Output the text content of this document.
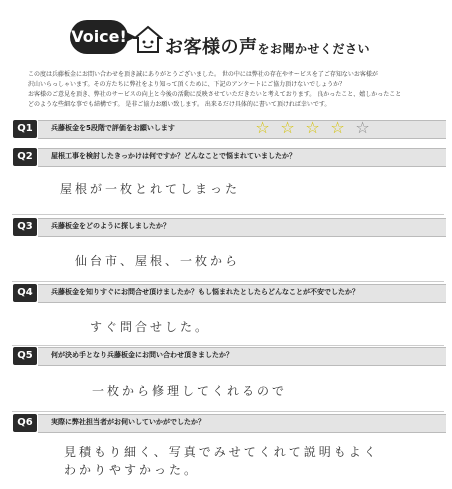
Voice!
お客様の声をお聞かせください

この度は兵藤板金にお問い合わせを頂き誠にありがとうございました。 世の中には弊社の存在やサービスを了ご存知ないお客様が

沢山いらっしゃいます。その方たちに弊社をより知って頂くために、下記のアンケートにご協力頂けないでしょうか？

お客様のご意見を頂き、弊社のサービスの向上と今後の活動に反映させていただきたいと考えております。 良かったこと、嬉しかったこと

どのような些細な事でも結構です。 是非ご協力お願い致します。 出来るだけ具体的に書いて頂ければ幸いです。

Q1	兵藤板金を5段階で評価をお願いします	☆ ☆ ☆ ☆ ☆
Q2	屋根工事を検討したきっかけは何ですか？どんなことで悩まれていましたか？
屋根が一枚とれてしまった
Q3	兵藤板金をどのように探しましたか？
仙台市、屋根、一枚から
Q4	兵藤板金を知りすぐにお問合せ頂けましたか？もし悩まれたとしたらどんなことが不安でしたか？
すぐ問合せした。
Q5	何が決め手となり兵藤板金にお問い合わせ頂きましたか？
一枚から修理してくれるので
Q6	実際に弊社担当者がお伺いしていかがでしたか？
見積もり細く、写真でみせてくれて説明もよく
わかりやすかった。
